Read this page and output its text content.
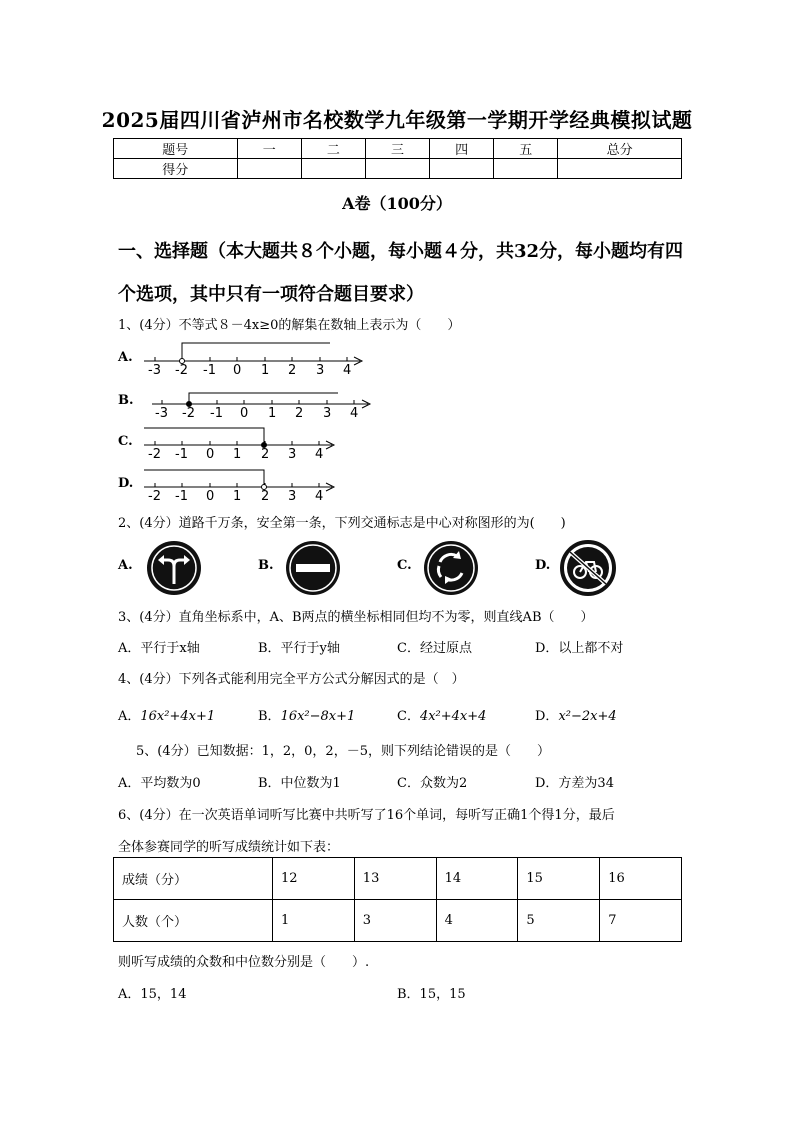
2025届四川省泸州市名校数学九年级第一学期开学经典模拟试题
题号	一	二	三	四	五	总分
得分						
A卷（100分）
一、选择题（本大题共８个小题，每小题４分，共32分，每小题均有四个选项，其中只有一项符合题目要求）
1、(4分）不等式８－4x≥0的解集在数轴上表示为（　　）
A.
-3 -2 -1 0 1 2 3 4
B.
-3 -2 -1 0 1 2 3 4
C.
-2 -1 0 1 2 3 4
D.
-2 -1 0 1 2 3 4
2、(4分）道路千万条，安全第一条，下列交通标志是中心对称图形的为(　　)
A.	B.	C.	D.
3、(4分）直角坐标系中，A、B两点的横坐标相同但均不为零，则直线AB（　　）
A．平行于x轴	B．平行于y轴	C．经过原点	D．以上都不对
4、(4分）下列各式能利用完全平方公式分解因式的是（　）
A．16x²+4x+1	B．16x²−8x+1	C．4x²+4x+4	D．x²−2x+4
5、(4分）已知数据：1，2，0，2，－5，则下列结论错误的是（　　）
A．平均数为0	B．中位数为1	C．众数为2	D．方差为34
6、(4分）在一次英语单词听写比赛中共听写了16个单词，每听写正确1个得1分，最后
全体参赛同学的听写成绩统计如下表：
成绩（分）	12	13	14	15	16
人数（个）	1	3	4	5	7
则听写成绩的众数和中位数分别是（　　）.
A．15，14	B．15，15
